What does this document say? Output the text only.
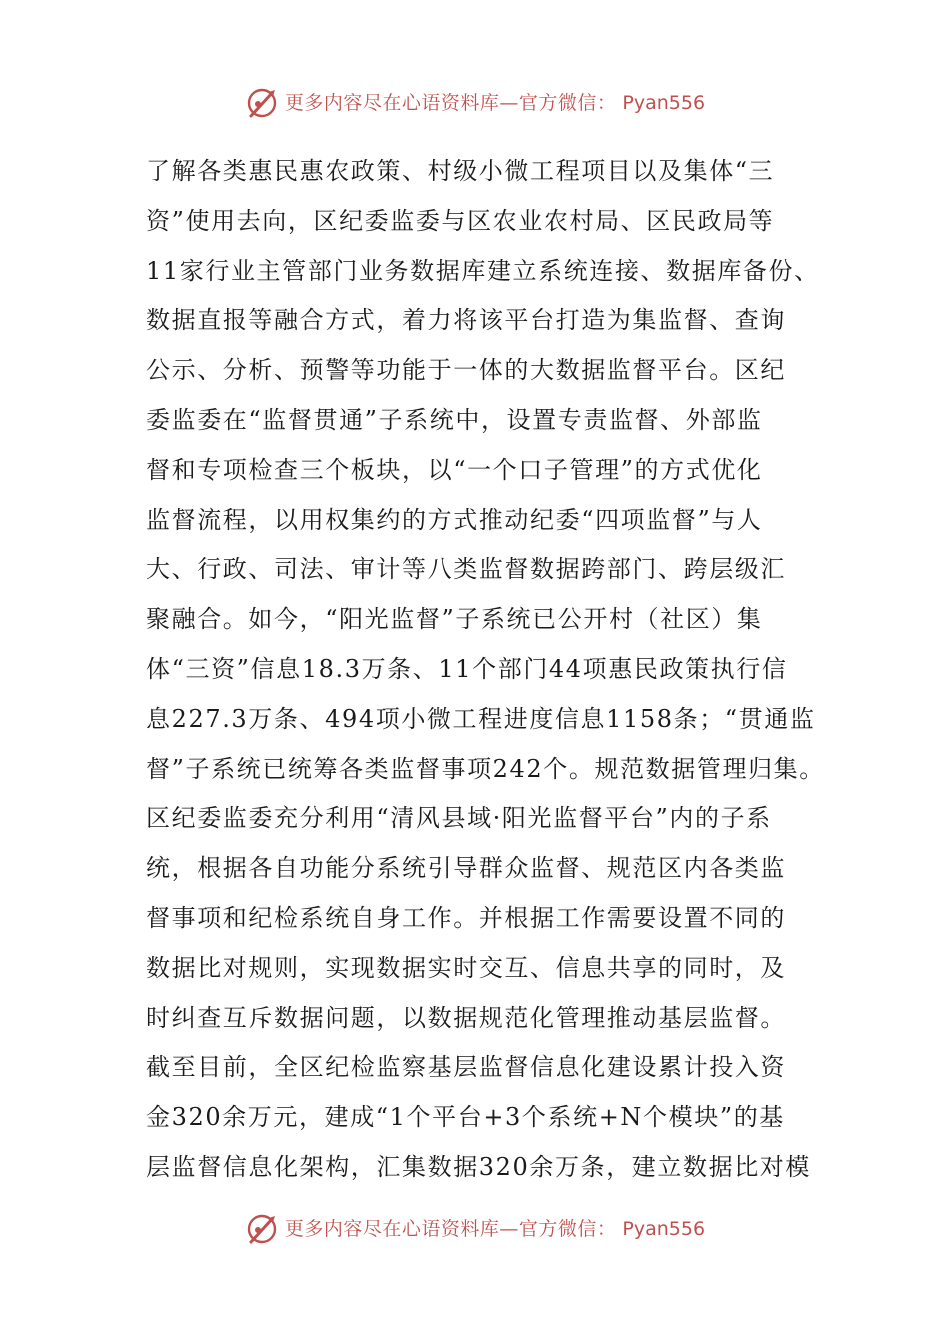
更多内容尽在心语资料库—官方微信： Pyan556
了解各类惠民惠农政策、村级小微工程项目以及集体“三
资”使用去向，区纪委监委与区农业农村局、区民政局等
11家行业主管部门业务数据库建立系统连接、数据库备份、
数据直报等融合方式，着力将该平台打造为集监督、查询
公示、分析、预警等功能于一体的大数据监督平台。区纪
委监委在“监督贯通”子系统中，设置专责监督、外部监
督和专项检查三个板块，以“一个口子管理”的方式优化
监督流程，以用权集约的方式推动纪委“四项监督”与人
大、行政、司法、审计等八类监督数据跨部门、跨层级汇
聚融合。如今，“阳光监督”子系统已公开村（社区）集
体“三资”信息18.3万条、11个部门44项惠民政策执行信
息227.3万条、494项小微工程进度信息1158条；“贯通监
督”子系统已统筹各类监督事项242个。规范数据管理归集。
区纪委监委充分利用“清风县域·阳光监督平台”内的子系
统，根据各自功能分系统引导群众监督、规范区内各类监
督事项和纪检系统自身工作。并根据工作需要设置不同的
数据比对规则，实现数据实时交互、信息共享的同时，及
时纠查互斥数据问题，以数据规范化管理推动基层监督。
截至目前，全区纪检监察基层监督信息化建设累计投入资
金320余万元，建成“1个平台+3个系统+N个模块”的基
层监督信息化架构，汇集数据320余万条，建立数据比对模
更多内容尽在心语资料库—官方微信： Pyan556
